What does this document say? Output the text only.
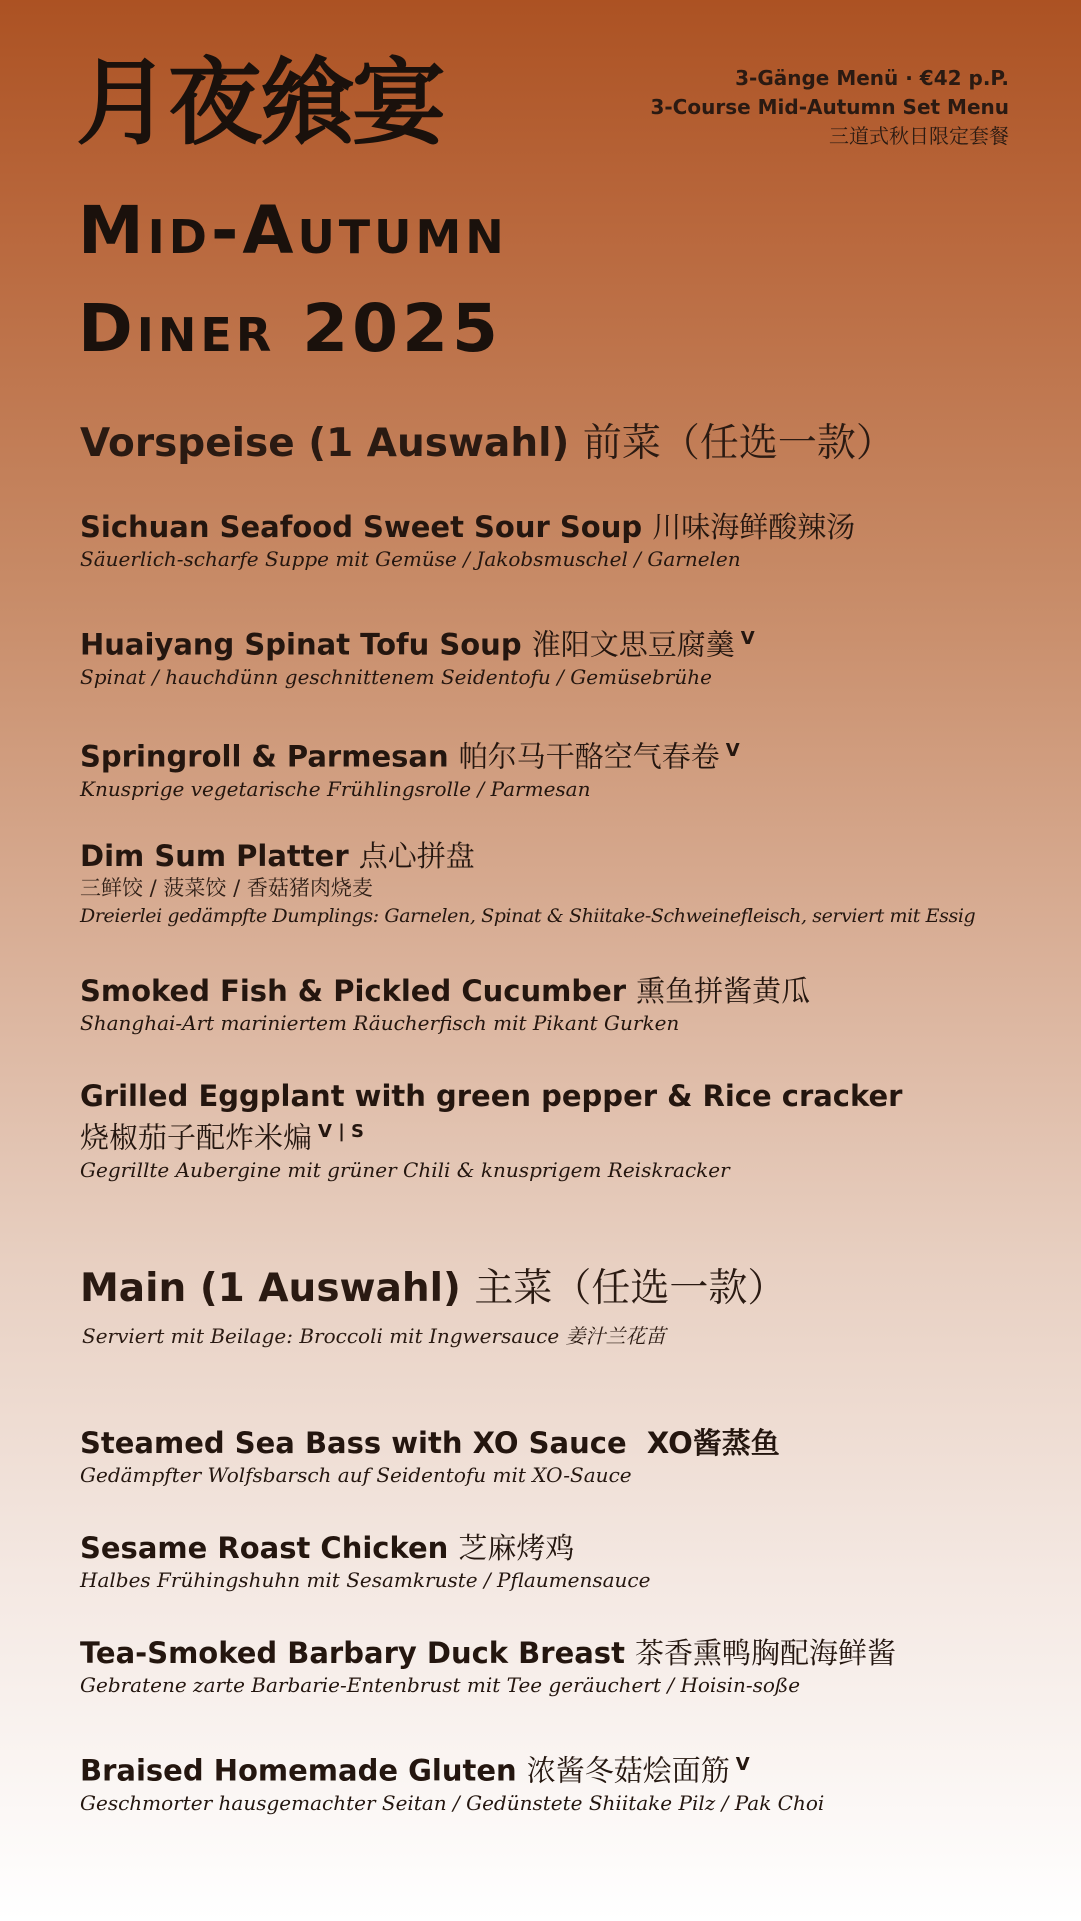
月夜飨宴
Mid-Autumn
Diner 2025
3-Gänge Menü · €42 p.P.
3-Course Mid-Autumn Set Menu
三道式秋日限定套餐
Vorspeise (1 Auswahl) 前菜（任选一款）
Sichuan Seafood Sweet Sour Soup 川味海鲜酸辣汤
Säuerlich-scharfe Suppe mit Gemüse / Jakobsmuschel / Garnelen
Huaiyang Spinat Tofu Soup 淮阳文思豆腐羹 $^V$
Spinat / hauchdünn geschnittenem Seidentofu / Gemüsebrühe
Springroll & Parmesan 帕尔马干酪空气春卷 $^V$
Knusprige vegetarische Frühlingsrolle / Parmesan
Dim Sum Platter 点心拼盘
三鲜饺 / 菠菜饺 / 香菇猪肉烧麦
Dreierlei gedämpfte Dumplings: Garnelen, Spinat & Shiitake-Schweinefleisch, serviert mit Essig
Smoked Fish & Pickled Cucumber 熏鱼拼酱黄瓜
Shanghai-Art mariniertem Räucherfisch mit Pikant Gurken
Grilled Eggplant with green pepper & Rice cracker
烧椒茄子配炸米煸 $^{V | S}$
Gegrillte Aubergine mit grüner Chili & knusprigem Reiskracker
Main (1 Auswahl) 主菜（任选一款）
Serviert mit Beilage: Broccoli mit Ingwersauce 姜汁兰花苗
Steamed Sea Bass with XO Sauce XO酱蒸鱼
Gedämpfter Wolfsbarsch auf Seidentofu mit XO-Sauce
Sesame Roast Chicken 芝麻烤鸡
Halbes Frühingshuhn mit Sesamkruste / Pflaumensauce
Tea-Smoked Barbary Duck Breast 茶香熏鸭胸配海鲜酱
Gebratene zarte Barbarie-Entenbrust mit Tee geräuchert / Hoisin-soße
Braised Homemade Gluten 浓酱冬菇烩面筋 $^V$
Geschmorter hausgemachter Seitan / Gedünstete Shiitake Pilz / Pak Choi
